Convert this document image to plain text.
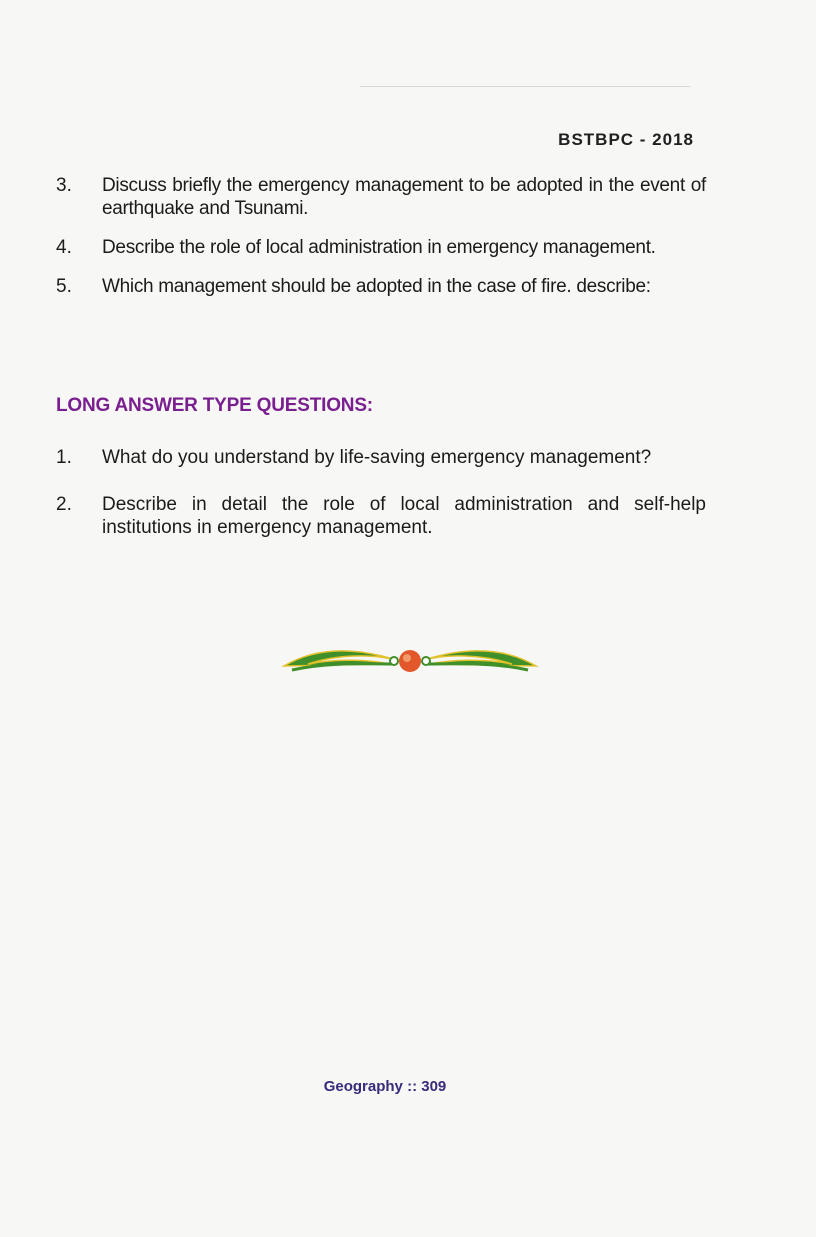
BSTBPC - 2018
3.	Discuss briefly the emergency management to be adopted in the event of earthquake and Tsunami.
4.	Describe the role of local administration in emergency management.
5.	Which management should be adopted in the case of fire. describe:
LONG ANSWER TYPE QUESTIONS:
1.	What do you understand by life-saving emergency management?
2.	Describe in detail the role of local administration and self-help institutions in emergency management.
Geography :: 309
